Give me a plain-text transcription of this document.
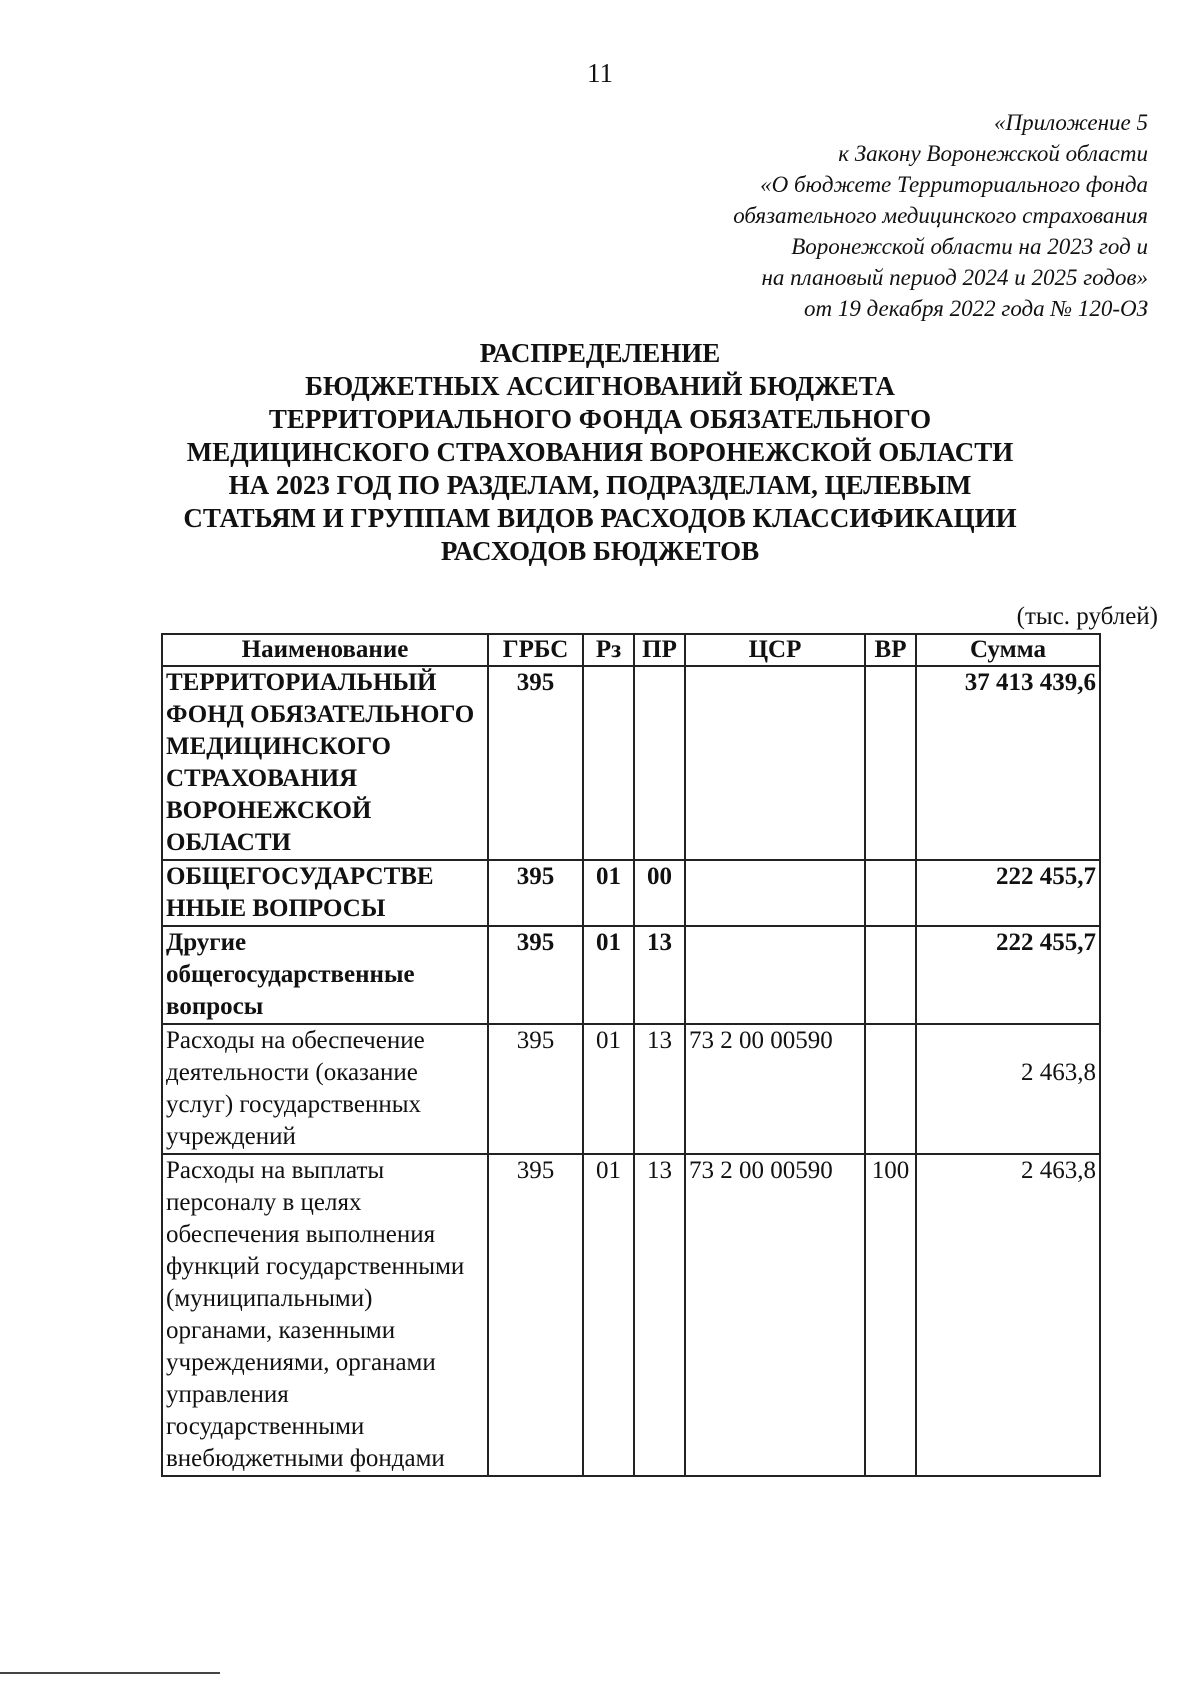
11
«Приложение 5
к Закону Воронежской области
«О бюджете Территориального фонда
обязательного медицинского страхования
Воронежской области на 2023 год и
на плановый период 2024 и 2025 годов»
от 19 декабря 2022 года № 120-ОЗ
РАСПРЕДЕЛЕНИЕ
БЮДЖЕТНЫХ АССИГНОВАНИЙ БЮДЖЕТА
ТЕРРИТОРИАЛЬНОГО ФОНДА ОБЯЗАТЕЛЬНОГО
МЕДИЦИНСКОГО СТРАХОВАНИЯ ВОРОНЕЖСКОЙ ОБЛАСТИ
НА 2023 ГОД ПО РАЗДЕЛАМ, ПОДРАЗДЕЛАМ, ЦЕЛЕВЫМ
СТАТЬЯМ И ГРУППАМ ВИДОВ РАСХОДОВ КЛАССИФИКАЦИИ
РАСХОДОВ БЮДЖЕТОВ
(тыс. рублей)
Наименование	ГРБС	Рз	ПР	ЦСР	ВР	Сумма
ТЕРРИТОРИАЛЬНЫЙ ФОНД ОБЯЗАТЕЛЬНОГО МЕДИЦИНСКОГО СТРАХОВАНИЯ ВОРОНЕЖСКОЙ ОБЛАСТИ	395					37 413 439,6
ОБЩЕГОСУДАРСТВЕ ННЫЕ ВОПРОСЫ	395	01	00			222 455,7
Другие общегосударственные вопросы	395	01	13			222 455,7
Расходы на обеспечение деятельности (оказание услуг) государственных учреждений	395	01	13	73 2 00 00590		2 463,8
Расходы на выплаты персоналу в целях обеспечения выполнения функций государственными (муниципальными) органами, казенными учреждениями, органами управления государственными внебюджетными фондами	395	01	13	73 2 00 00590	100	2 463,8
